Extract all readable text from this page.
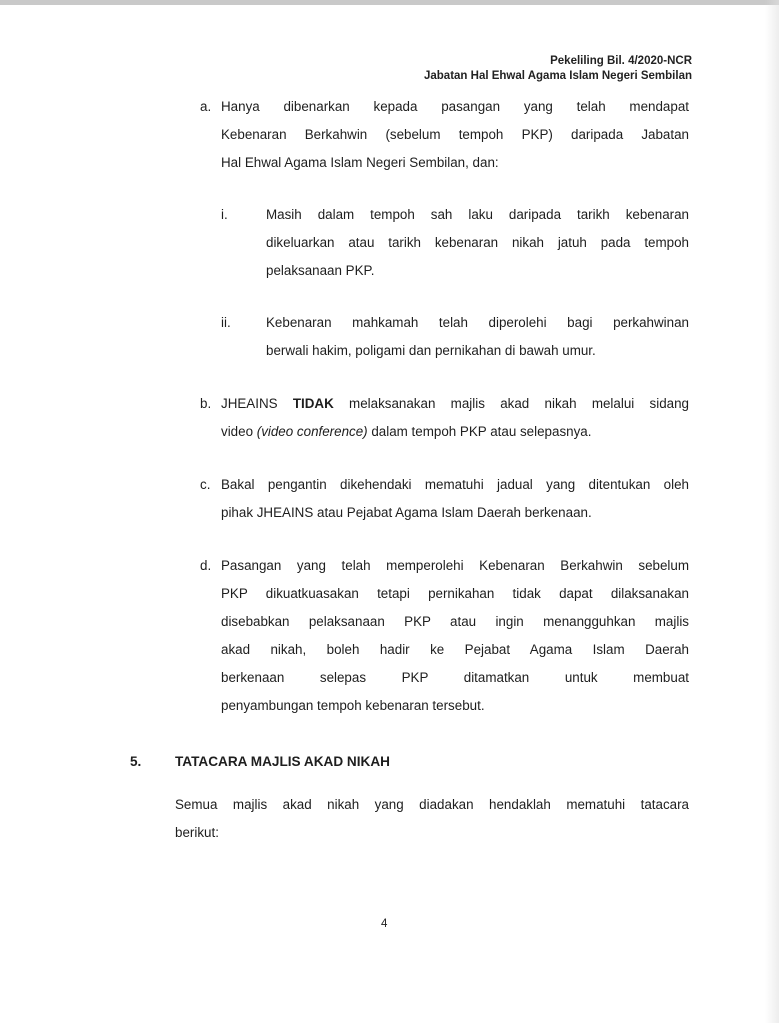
Pekeliling Bil. 4/2020-NCR
Jabatan Hal Ehwal Agama Islam Negeri Sembilan
a. Hanya dibenarkan kepada pasangan yang telah mendapat
Kebenaran Berkahwin (sebelum tempoh PKP) daripada Jabatan
Hal Ehwal Agama Islam Negeri Sembilan, dan:
i.	Masih dalam tempoh sah laku daripada tarikh kebenaran
dikeluarkan atau tarikh kebenaran nikah jatuh pada tempoh
pelaksanaan PKP.
ii.	Kebenaran mahkamah telah diperolehi bagi perkahwinan
berwali hakim, poligami dan pernikahan di bawah umur.
b. JHEAINS TIDAK melaksanakan majlis akad nikah melalui sidang
video (video conference) dalam tempoh PKP atau selepasnya.
c. Bakal pengantin dikehendaki mematuhi jadual yang ditentukan oleh
pihak JHEAINS atau Pejabat Agama Islam Daerah berkenaan.
d. Pasangan yang telah memperolehi Kebenaran Berkahwin sebelum
PKP dikuatkuasakan tetapi pernikahan tidak dapat dilaksanakan
disebabkan pelaksanaan PKP atau ingin menangguhkan majlis
akad nikah, boleh hadir ke Pejabat Agama Islam Daerah
berkenaan selepas PKP ditamatkan untuk membuat
penyambungan tempoh kebenaran tersebut.
5. TATACARA MAJLIS AKAD NIKAH
Semua majlis akad nikah yang diadakan hendaklah mematuhi tatacara
berikut:
4
